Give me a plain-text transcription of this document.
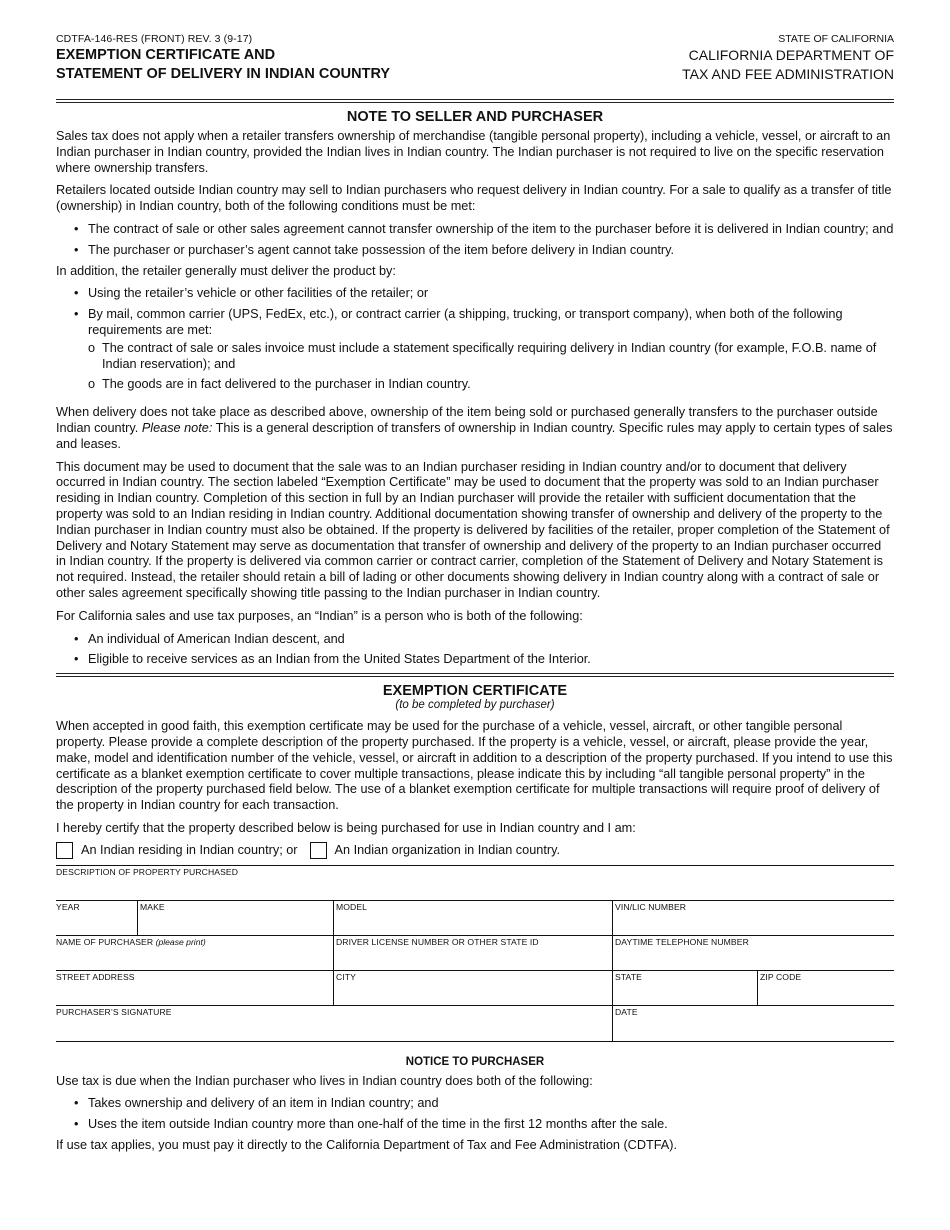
CDTFA-146-RES (FRONT) REV. 3 (9-17)
EXEMPTION CERTIFICATE AND
STATEMENT OF DELIVERY IN INDIAN COUNTRY
STATE OF CALIFORNIA
CALIFORNIA DEPARTMENT OF
TAX AND FEE ADMINISTRATION
NOTE TO SELLER AND PURCHASER

Sales tax does not apply when a retailer transfers ownership of merchandise (tangible personal property), including a vehicle, vessel, or aircraft to an Indian purchaser in Indian country, provided the Indian lives in Indian country. The Indian purchaser is not required to live on the specific reservation where ownership transfers.

Retailers located outside Indian country may sell to Indian purchasers who request delivery in Indian country. For a sale to qualify as a transfer of title (ownership) in Indian country, both of the following conditions must be met:

• The contract of sale or other sales agreement cannot transfer ownership of the item to the purchaser before it is delivered in Indian country; and
• The purchaser or purchaser’s agent cannot take possession of the item before delivery in Indian country.

In addition, the retailer generally must deliver the product by:

• Using the retailer’s vehicle or other facilities of the retailer; or
• By mail, common carrier (UPS, FedEx, etc.), or contract carrier (a shipping, trucking, or transport company), when both of the following requirements are met:
o The contract of sale or sales invoice must include a statement specifically requiring delivery in Indian country (for example, F.O.B. name of Indian reservation); and
o The goods are in fact delivered to the purchaser in Indian country.

When delivery does not take place as described above, ownership of the item being sold or purchased generally transfers to the purchaser outside Indian country. Please note: This is a general description of transfers of ownership in Indian country. Specific rules may apply to certain types of sales and leases.

This document may be used to document that the sale was to an Indian purchaser residing in Indian country and/or to document that delivery occurred in Indian country. The section labeled “Exemption Certificate” may be used to document that the property was sold to an Indian purchaser residing in Indian country. Completion of this section in full by an Indian purchaser will provide the retailer with sufficient documentation that the property was sold to an Indian residing in Indian country. Additional documentation showing transfer of ownership and delivery of the property to the Indian purchaser in Indian country must also be obtained. If the property is delivered by facilities of the retailer, proper completion of the Statement of Delivery and Notary Statement may serve as documentation that transfer of ownership and delivery of the property to an Indian purchaser occurred in Indian country. If the property is delivered via common carrier or contract carrier, completion of the Statement of Delivery and Notary Statement is not required. Instead, the retailer should retain a bill of lading or other documents showing delivery in Indian country along with a contract of sale or other sales agreement specifically showing title passing to the Indian purchaser in Indian country.

For California sales and use tax purposes, an “Indian” is a person who is both of the following:

• An individual of American Indian descent, and
• Eligible to receive services as an Indian from the United States Department of the Interior.
EXEMPTION CERTIFICATE
(to be completed by purchaser)

When accepted in good faith, this exemption certificate may be used for the purchase of a vehicle, vessel, aircraft, or other tangible personal property. Please provide a complete description of the property purchased. If the property is a vehicle, vessel, or aircraft, please provide the year, make, model and identification number of the vehicle, vessel, or aircraft in addition to a description of the property purchased. If you intend to use this certificate as a blanket exemption certificate to cover multiple transactions, please indicate this by including “all tangible personal property” in the description of the property purchased field below. The use of a blanket exemption certificate for multiple transactions will require proof of delivery of the property in Indian country for each transaction.

I hereby certify that the property described below is being purchased for use in Indian country and I am:

An Indian residing in Indian country; or	An Indian organization in Indian country.
DESCRIPTION OF PROPERTY PURCHASED
YEAR	MAKE	MODEL	VIN/LIC NUMBER
NAME OF PURCHASER (please print)	DRIVER LICENSE NUMBER OR OTHER STATE ID	DAYTIME TELEPHONE NUMBER
STREET ADDRESS	CITY	STATE	ZIP CODE
PURCHASER’S SIGNATURE	DATE
NOTICE TO PURCHASER

Use tax is due when the Indian purchaser who lives in Indian country does both of the following:

• Takes ownership and delivery of an item in Indian country; and
• Uses the item outside Indian country more than one-half of the time in the first 12 months after the sale.

If use tax applies, you must pay it directly to the California Department of Tax and Fee Administration (CDTFA).
